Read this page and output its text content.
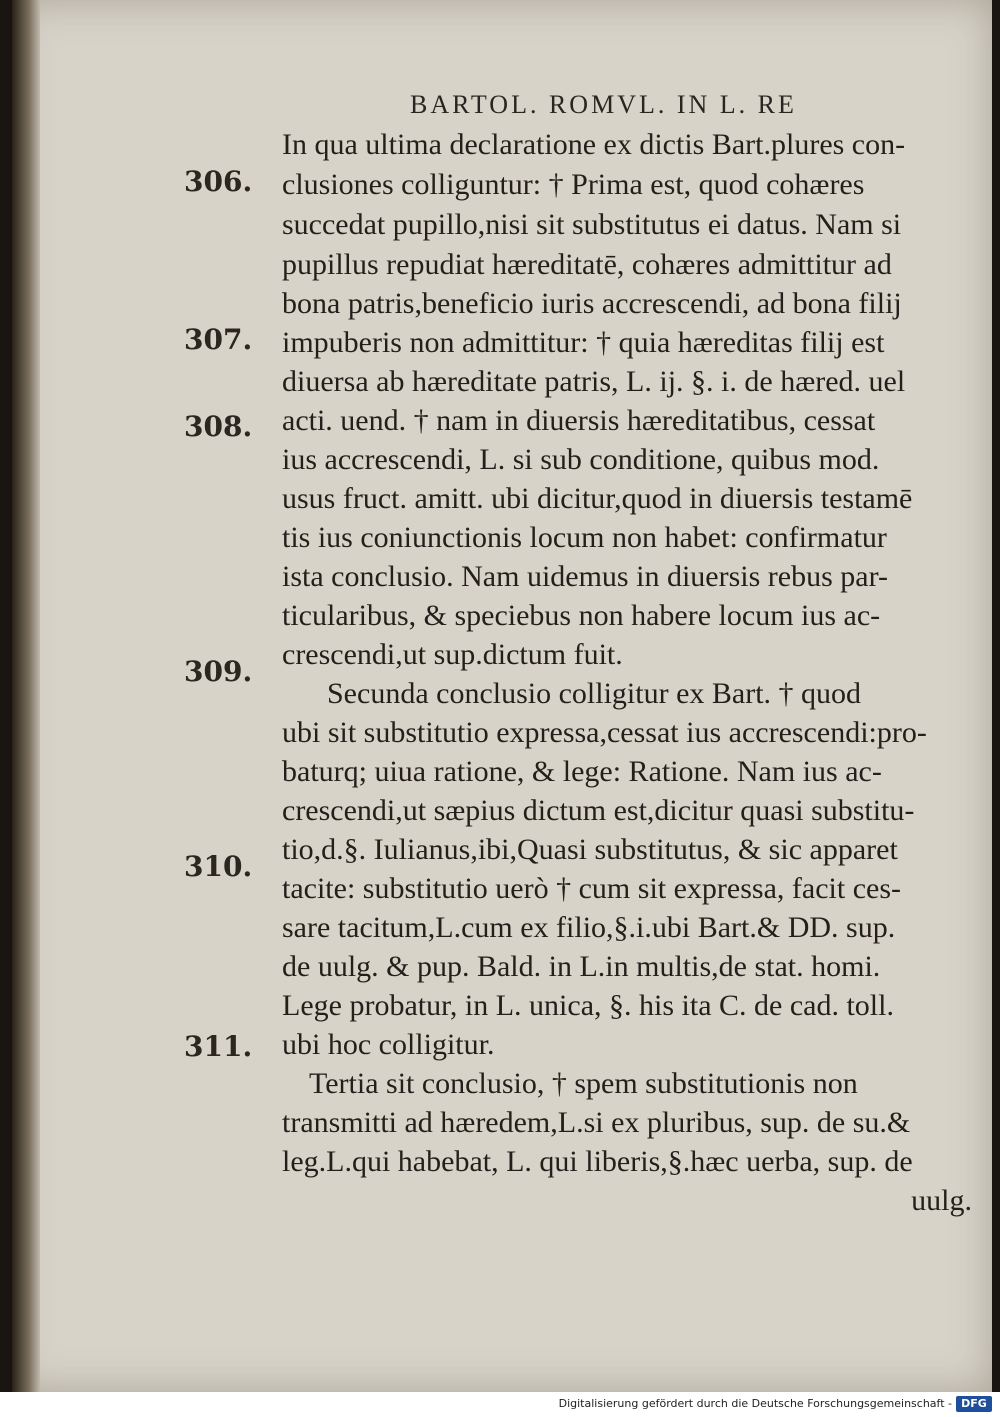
BARTOL. ROMVL. IN L. RE
306.
307.
308.
309.
310.
311.
In qua ultima declaratione ex dictis Bart.plures con-
clusiones colliguntur: † Prima est, quod cohæres
succedat pupillo,nisi sit substitutus ei datus. Nam si
pupillus repudiat hæreditatē, cohæres admittitur ad
bona patris,beneficio iuris accrescendi, ad bona filij
impuberis non admittitur: † quia hæreditas filij est
diuersa ab hæreditate patris, L. ij. §. i. de hæred. uel
acti. uend. † nam in diuersis hæreditatibus, cessat
ius accrescendi, L. si sub conditione, quibus mod.
usus fruct. amitt. ubi dicitur,quod in diuersis testamē
tis ius coniunctionis locum non habet: confirmatur
ista conclusio. Nam uidemus in diuersis rebus par-
ticularibus, & speciebus non habere locum ius ac-
crescendi,ut sup.dictum fuit.
Secunda conclusio colligitur ex Bart. † quod
ubi sit substitutio expressa,cessat ius accrescendi:pro-
baturq; uiua ratione, & lege: Ratione. Nam ius ac-
crescendi,ut sæpius dictum est,dicitur quasi substitu-
tio,d.§. Iulianus,ibi,Quasi substitutus, & sic apparet
tacite: substitutio uerò † cum sit expressa, facit ces-
sare tacitum,L.cum ex filio,§.i.ubi Bart.& DD. sup.
de uulg. & pup. Bald. in L.in multis,de stat. homi.
Lege probatur, in L. unica, §. his ita C. de cad. toll.
ubi hoc colligitur.
Tertia sit conclusio, † spem substitutionis non
transmitti ad hæredem,L.si ex pluribus, sup. de su.&
leg.L.qui habebat, L. qui liberis,§.hæc uerba, sup. de
uulg.
Digitalisierung gefördert durch die Deutsche Forschungsgemeinschaft - DFG
